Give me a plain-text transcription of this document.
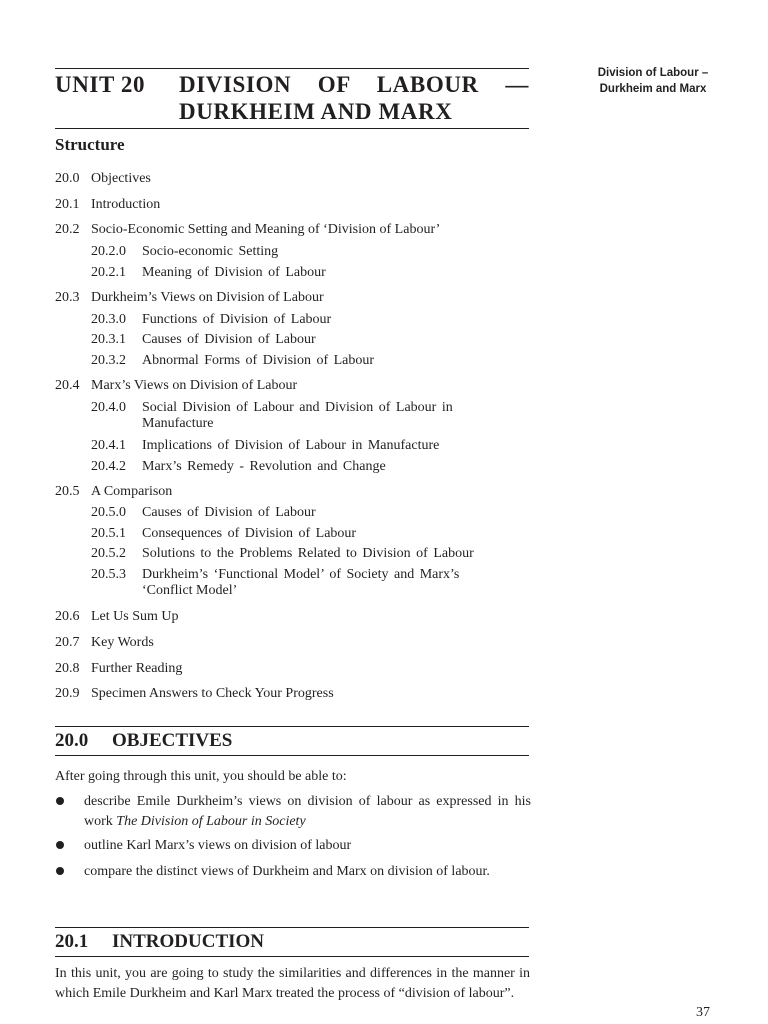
Division of Labour –
Durkheim and Marx
UNIT 20	DIVISION OF LABOUR —
DURKHEIM AND MARX
Structure
20.0 Objectives
20.1 Introduction
20.2 Socio-Economic Setting and Meaning of ‘Division of Labour’
20.2.0 Socio-economic Setting
20.2.1 Meaning of Division of Labour
20.3 Durkheim’s Views on Division of Labour
20.3.0 Functions of Division of Labour
20.3.1 Causes of Division of Labour
20.3.2 Abnormal Forms of Division of Labour
20.4 Marx’s Views on Division of Labour
20.4.0 Social Division of Labour and Division of Labour in
Manufacture
20.4.1 Implications of Division of Labour in Manufacture
20.4.2 Marx’s Remedy - Revolution and Change
20.5 A Comparison
20.5.0 Causes of Division of Labour
20.5.1 Consequences of Division of Labour
20.5.2 Solutions to the Problems Related to Division of Labour
20.5.3 Durkheim’s ‘Functional Model’ of Society and Marx’s
‘Conflict Model’
20.6 Let Us Sum Up
20.7 Key Words
20.8 Further Reading
20.9 Specimen Answers to Check Your Progress
20.0 OBJECTIVES
After going through this unit, you should be able to:
describe Emile Durkheim’s views on division of labour as expressed in his work The Division of Labour in Society
outline Karl Marx’s views on division of labour
compare the distinct views of Durkheim and Marx on division of labour.
20.1 INTRODUCTION
In this unit, you are going to study the similarities and differences in the manner in which Emile Durkheim and Karl Marx treated the process of “division of labour”.
37
